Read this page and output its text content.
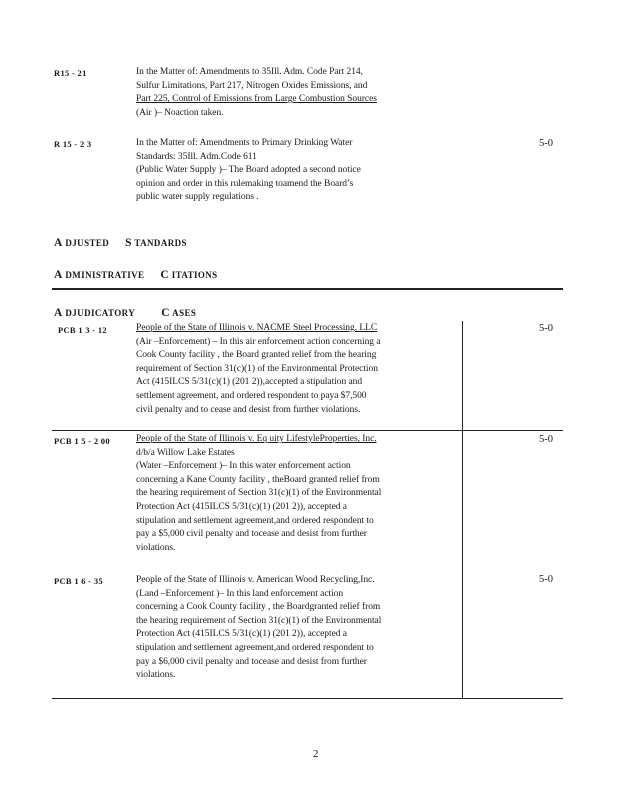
R15 - 21	In the Matter of: Amendments to 35Ill. Adm. Code Part 214,
Sulfur Limitations, Part 217, Nitrogen Oxides Emissions, and
Part 225, Control of Emissions from Large Combustion Sources
(Air )– Noaction taken.
R 15 - 2 3	In the Matter of: Amendments to Primary Drinking Water
Standards: 35Ill. Adm.Code 611
(Public Water Supply )– The Board adopted a second notice
opinion and order in this rulemaking toamend the Board’s
public water supply regulations .
5-0
A DJUSTED S TANDARDS
A DMINISTRATIVE C ITATIONS
A DJUDICATORY C ASES
PCB 1 3 - 12	People of the State of Illinois v. NACME Steel Processing, LLC
(Air –Enforcement) – In this air enforcement action concerning a
Cook County facility , the Board granted relief from the hearing
requirement of Section 31(c)(1) of the Environmental Protection
Act (415ILCS 5/31(c)(1) (201 2)),accepted a stipulation and
settlement agreement, and ordered respondent to paya $7,500
civil penalty and to cease and desist from further violations.
5-0
PCB 1 5 - 2 00	People of the State of Illinois v. Eq uity LifestyleProperties, Inc.
d/b/a Willow Lake Estates
(Water –Enforcement )– In this water enforcement action
concerning a Kane County facility , theBoard granted relief from
the hearing requirement of Section 31(c)(1) of the Environmental
Protection Act (415ILCS 5/31(c)(1) (201 2)), accepted a
stipulation and settlement agreement,and ordered respondent to
pay a $5,000 civil penalty and tocease and desist from further
violations.
5-0
PCB 1 6 - 35	People of the State of Illinois v. American Wood Recycling,Inc.
(Land –Enforcement )– In this land enforcement action
concerning a Cook County facility , the Boardgranted relief from
the hearing requirement of Section 31(c)(1) of the Environmental
Protection Act (415ILCS 5/31(c)(1) (201 2)), accepted a
stipulation and settlement agreement,and ordered respondent to
pay a $6,000 civil penalty and tocease and desist from further
violations.
5-0
2
